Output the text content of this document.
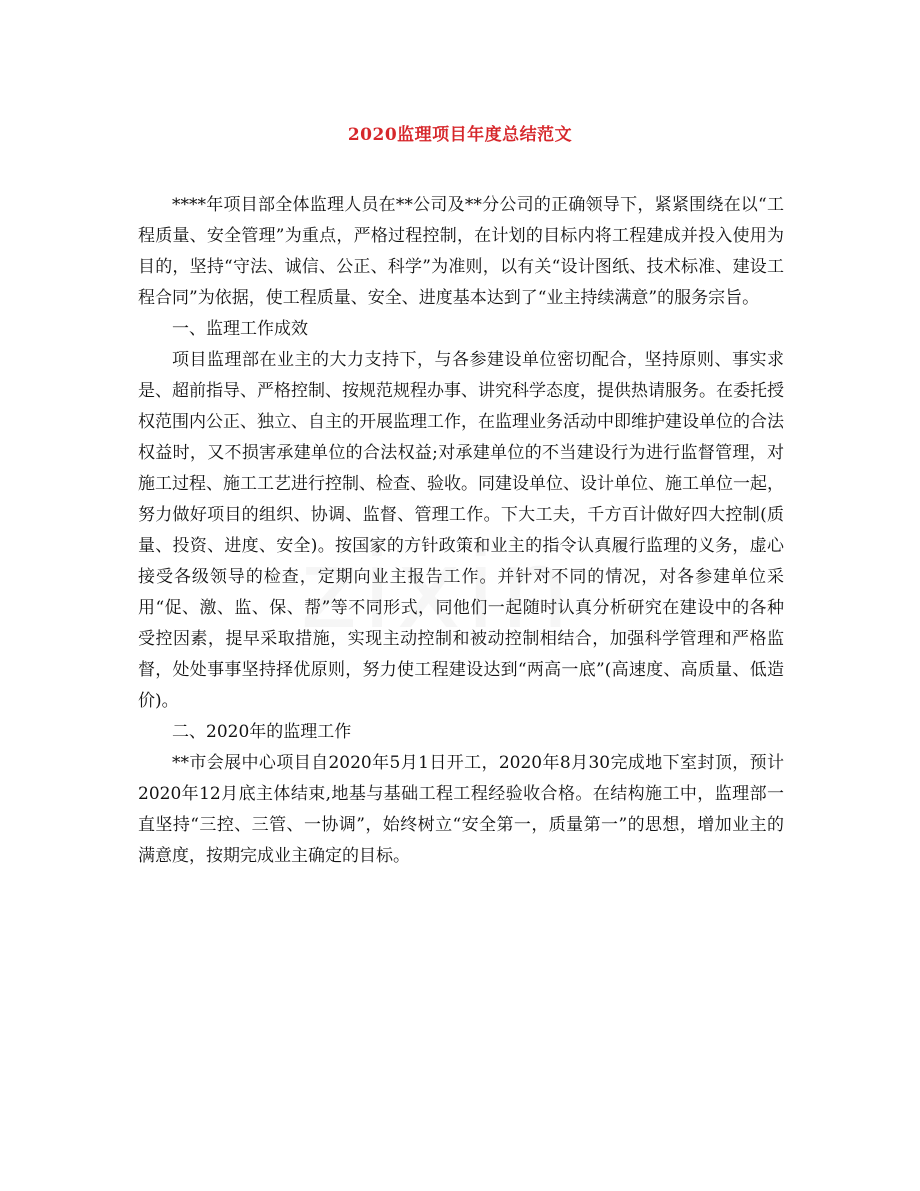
2020监理项目年度总结范文

****年项目部全体监理人员在**公司及**分公司的正确领导下，紧紧围绕在以“工程质量、安全管理”为重点，严格过程控制，在计划的目标内将工程建成并投入使用为目的，坚持“守法、诚信、公正、科学”为准则，以有关“设计图纸、技术标准、建设工程合同”为依据，使工程质量、安全、进度基本达到了“业主持续满意”的服务宗旨。

一、监理工作成效

项目监理部在业主的大力支持下，与各参建设单位密切配合，坚持原则、事实求是、超前指导、严格控制、按规范规程办事、讲究科学态度，提供热请服务。在委托授权范围内公正、独立、自主的开展监理工作，在监理业务活动中即维护建设单位的合法权益时，又不损害承建单位的合法权益;对承建单位的不当建设行为进行监督管理，对施工过程、施工工艺进行控制、检查、验收。同建设单位、设计单位、施工单位一起，努力做好项目的组织、协调、监督、管理工作。下大工夫，千方百计做好四大控制(质量、投资、进度、安全)。按国家的方针政策和业主的指令认真履行监理的义务，虚心接受各级领导的检查，定期向业主报告工作。并针对不同的情况，对各参建单位采用“促、激、监、保、帮”等不同形式，同他们一起随时认真分析研究在建设中的各种受控因素，提早采取措施，实现主动控制和被动控制相结合，加强科学管理和严格监督，处处事事坚持择优原则，努力使工程建设达到“两高一底”(高速度、高质量、低造价)。

二、2020年的监理工作

**市会展中心项目自2020年5月1日开工，2020年8月30完成地下室封顶，预计2020年12月底主体结束,地基与基础工程工程经验收合格。在结构施工中，监理部一直坚持“三控、三管、一协调”，始终树立“安全第一，质量第一”的思想，增加业主的满意度，按期完成业主确定的目标。
